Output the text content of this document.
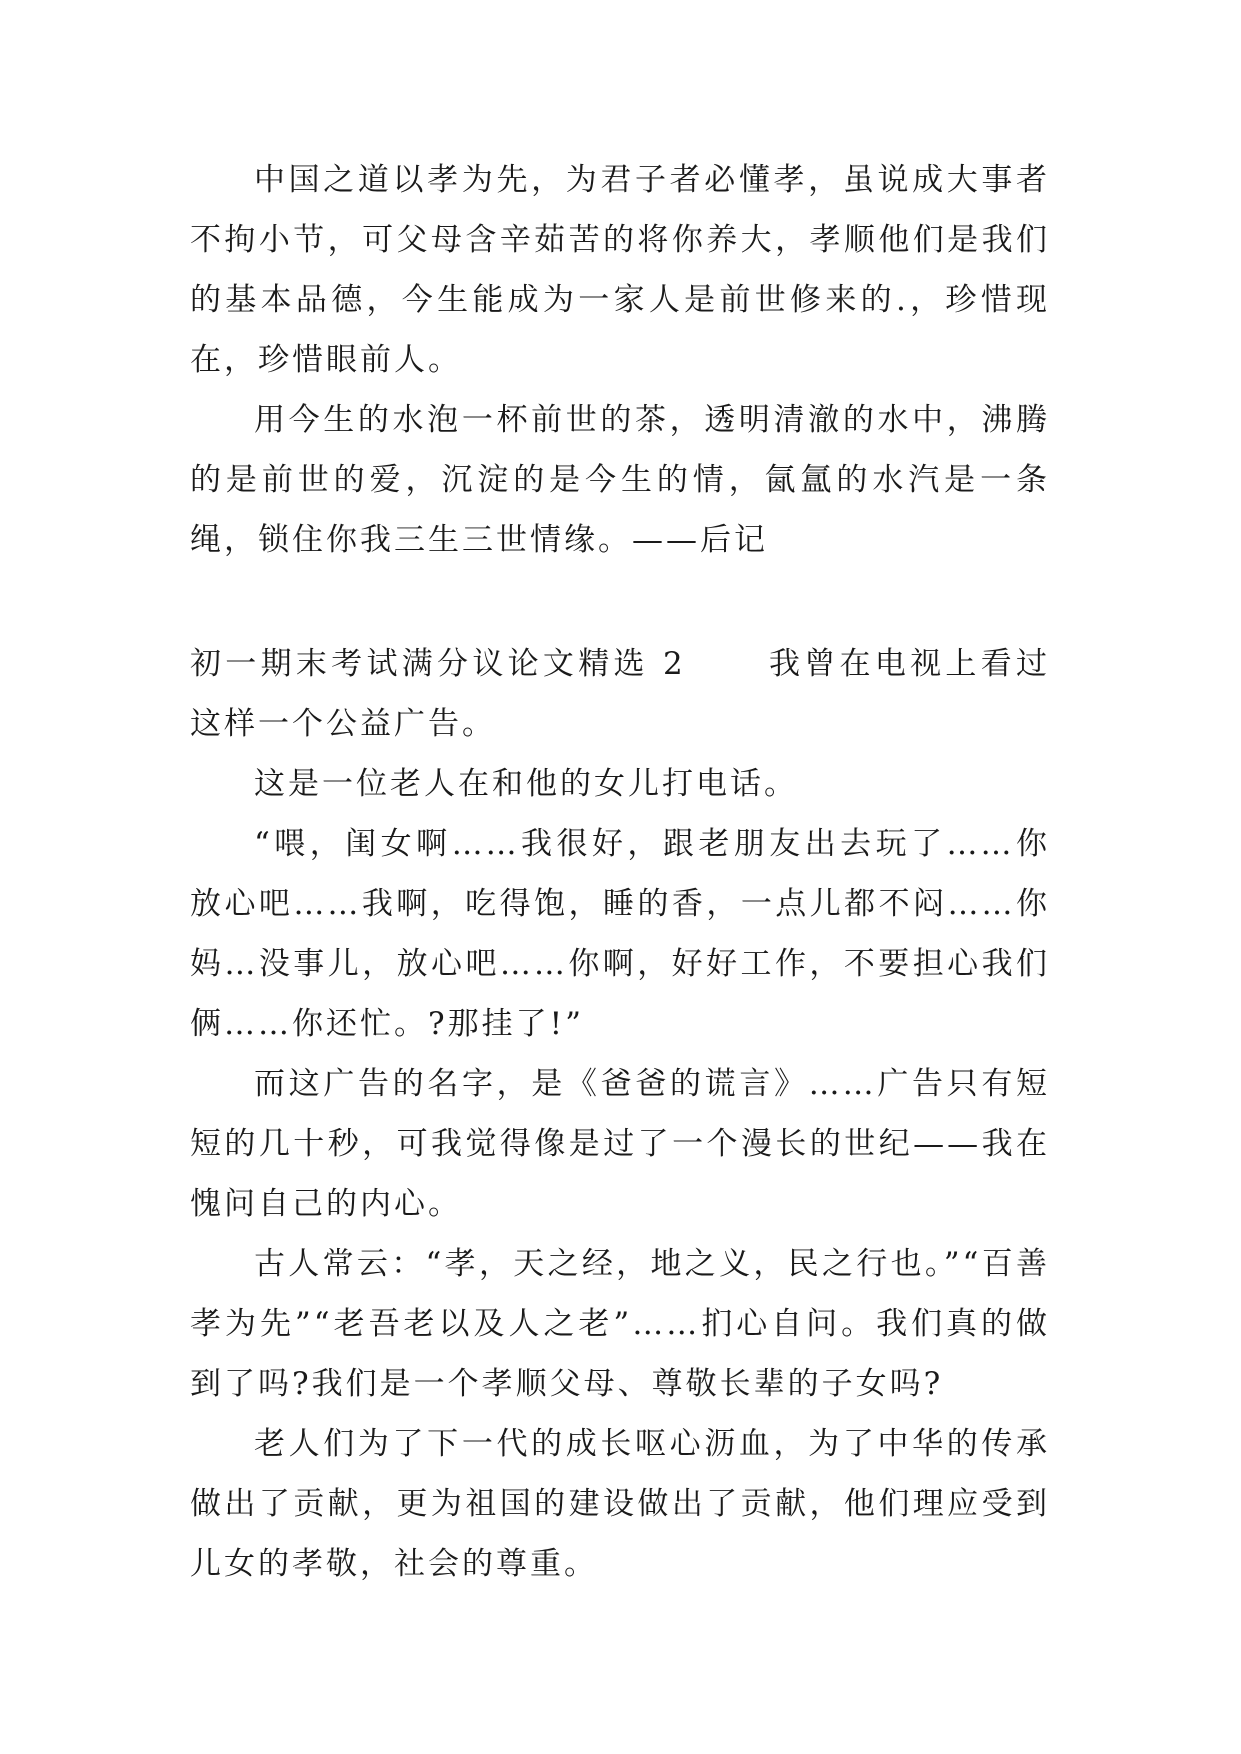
中国之道以孝为先，为君子者必懂孝，虽说成大事者不拘小节，可父母含辛茹苦的将你养大，孝顺他们是我们的基本品德，今生能成为一家人是前世修来的.，珍惜现在，珍惜眼前人。

用今生的水泡一杯前世的茶，透明清澈的水中，沸腾的是前世的爱，沉淀的是今生的情，氤氲的水汽是一条绳，锁住你我三生三世情缘。——后记

初一期末考试满分议论文精选 2	我曾在电视上看过这样一个公益广告。

这是一位老人在和他的女儿打电话。

“喂，闺女啊……我很好，跟老朋友出去玩了……你放心吧……我啊，吃得饱，睡的香，一点儿都不闷……你妈…没事儿，放心吧……你啊，好好工作，不要担心我们俩……你还忙。?那挂了!”

而这广告的名字，是《爸爸的谎言》……广告只有短短的几十秒，可我觉得像是过了一个漫长的世纪——我在愧问自己的内心。

古人常云：“孝，天之经，地之义，民之行也。”“百善孝为先”“老吾老以及人之老”……扪心自问。我们真的做到了吗?我们是一个孝顺父母、尊敬长辈的子女吗?

老人们为了下一代的成长呕心沥血，为了中华的传承做出了贡献，更为祖国的建设做出了贡献，他们理应受到儿女的孝敬，社会的尊重。
